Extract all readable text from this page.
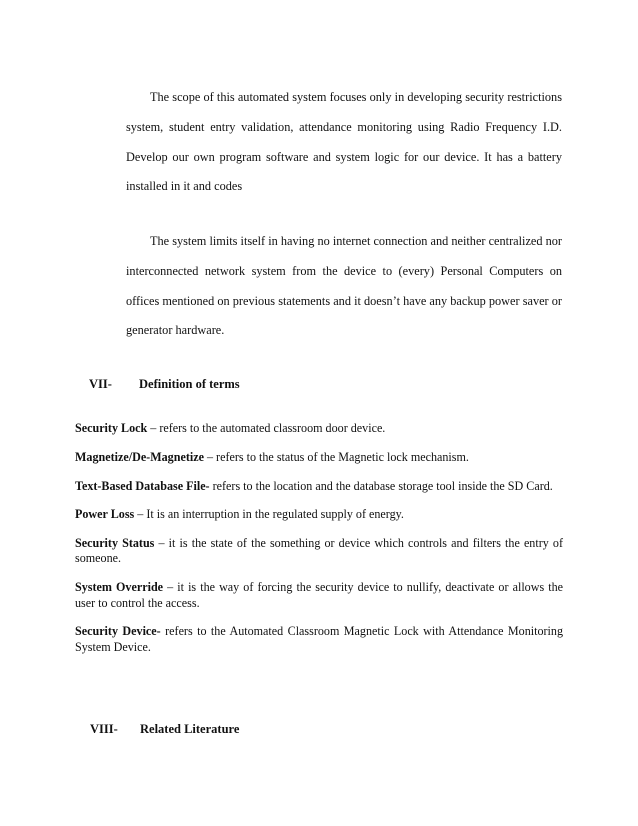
The scope of this automated system focuses only in developing security restrictions system, student entry validation, attendance monitoring using Radio Frequency I.D. Develop our own program software and system logic for our device. It has a battery installed in it and codes

The system limits itself in having no internet connection and neither centralized nor interconnected network system from the device to (every) Personal Computers on offices mentioned on previous statements and it doesn’t have any backup power saver or generator hardware.

VII- Definition of terms

Security Lock – refers to the automated classroom door device.

Magnetize/De-Magnetize – refers to the status of the Magnetic lock mechanism.

Text-Based Database File- refers to the location and the database storage tool inside the SD Card.

Power Loss – It is an interruption in the regulated supply of energy.

Security Status – it is the state of the something or device which controls and filters the entry of someone.

System Override – it is the way of forcing the security device to nullify, deactivate or allows the user to control the access.

Security Device- refers to the Automated Classroom Magnetic Lock with Attendance Monitoring System Device.

VIII- Related Literature
